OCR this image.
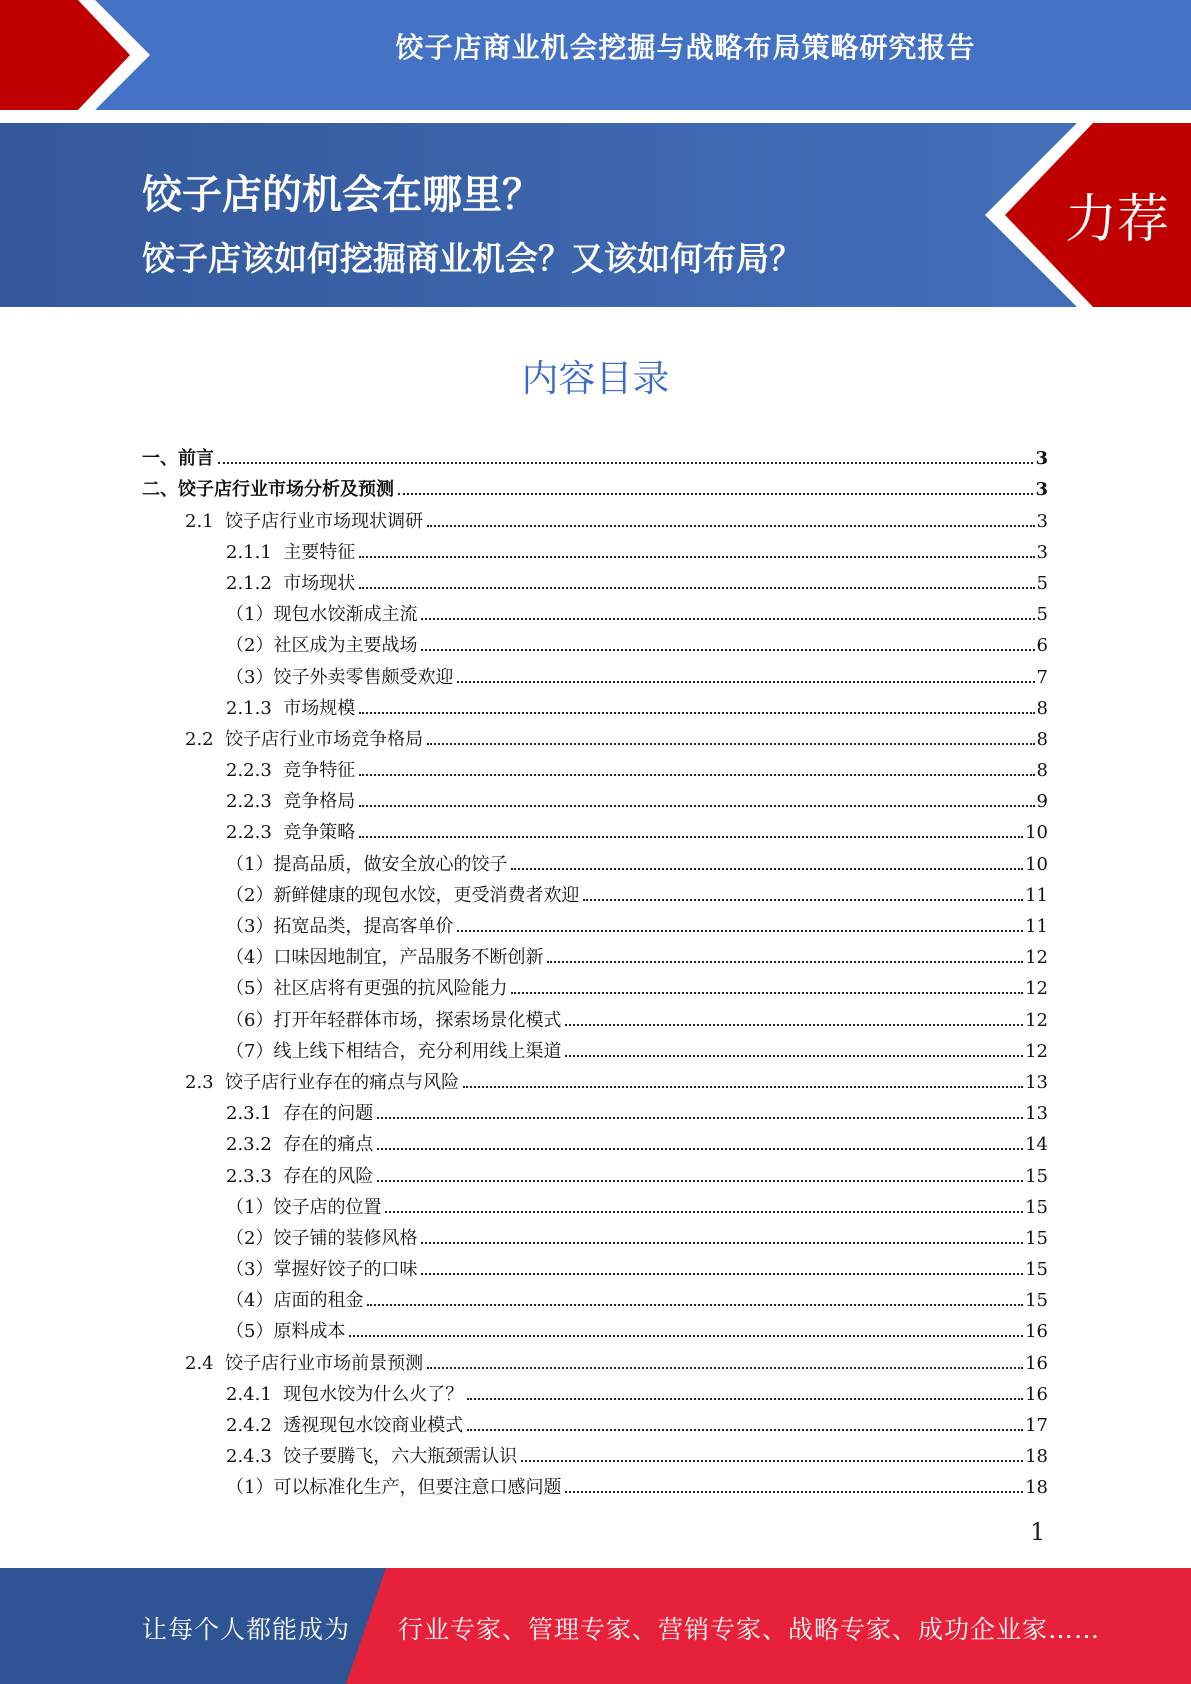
饺子店商业机会挖掘与战略布局策略研究报告
饺子店的机会在哪里？
饺子店该如何挖掘商业机会？又该如何布局？
力荐
内容目录
一、 前言	3
二、 饺子店行业市场分析及预测	3
2.1 饺子店行业市场现状调研	3
2.1.1 主要特征	3
2.1.2 市场现状	5
（1） 现包水饺渐成主流	5
（2） 社区成为主要战场	6
（3） 饺子外卖零售颇受欢迎	7
2.1.3 市场规模	8
2.2 饺子店行业市场竞争格局	8
2.2.3 竞争特征	8
2.2.3 竞争格局	9
2.2.3 竞争策略	10
（1） 提高品质，做安全放心的饺子	10
（2） 新鲜健康的现包水饺，更受消费者欢迎	11
（3） 拓宽品类，提高客单价	11
（4） 口味因地制宜，产品服务不断创新	12
（5） 社区店将有更强的抗风险能力	12
（6） 打开年轻群体市场，探索场景化模式	12
（7） 线上线下相结合，充分利用线上渠道	12
2.3 饺子店行业存在的痛点与风险	13
2.3.1 存在的问题	13
2.3.2 存在的痛点	14
2.3.3 存在的风险	15
（1） 饺子店的位置	15
（2） 饺子铺的装修风格	15
（3） 掌握好饺子的口味	15
（4） 店面的租金	15
（5） 原料成本	16
2.4 饺子店行业市场前景预测	16
2.4.1 现包水饺为什么火了？	16
2.4.2 透视现包水饺商业模式	17
2.4.3 饺子要腾飞，六大瓶颈需认识	18
（1） 可以标准化生产，但要注意口感问题	18
1
让每个人都能成为 行业专家、管理专家、营销专家、战略专家、成功企业家……
